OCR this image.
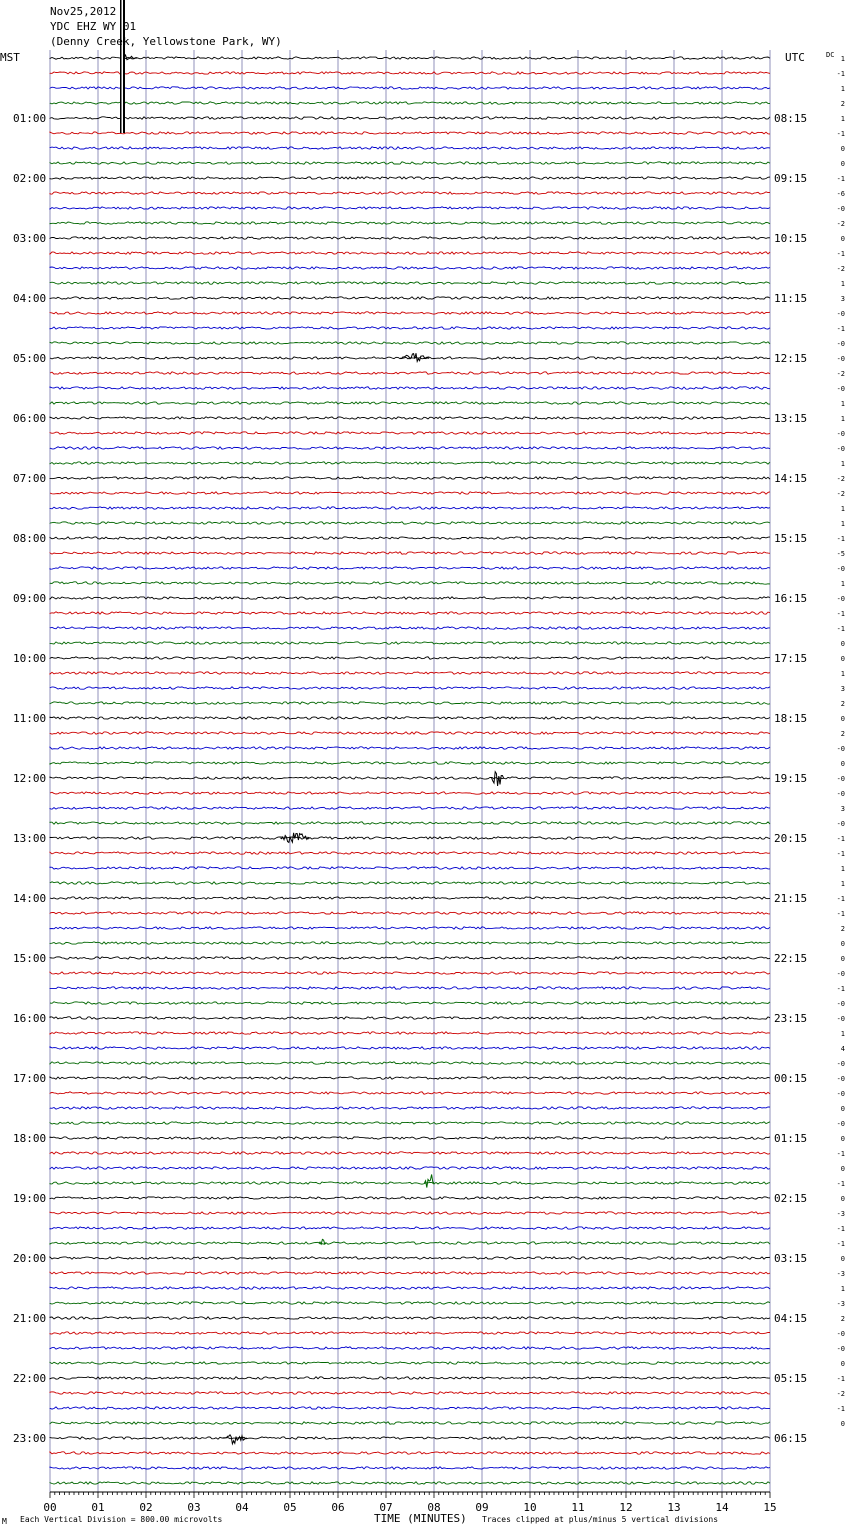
Nov25,2012
YDC EHZ WY 01
(Denny Creek, Yellowstone Park, WY)
MST	UTC	DC
01:00
02:00
03:00
04:00
05:00
06:00
07:00
08:00
09:00
10:00
11:00
12:00
13:00
14:00
15:00
16:00
17:00
18:00
19:00
20:00
21:00
22:00
23:00
08:15
09:15
10:15
11:15
12:15
13:15
14:15
15:15
16:15
17:15
18:15
19:15
20:15
21:15
22:15
23:15
00:15
01:15
02:15
03:15
04:15
05:15
06:15
1
-1
1
2
1
-1
0
0
-1
-6
-0
-2
0
-1
-2
1
3
-0
-1
-0
-0
-2
-0
1
1
-0
-0
1
-2
-2
1
1
-1
-5
-0
1
-0
-1
-1
0
0
1
3
2
0
2
-0
0
-0
-0
3
-0
-1
-1
1
1
-1
-1
2
0
0
-0
-1
-0
-0
1
4
-0
-0
-0
0
-0
0
-1
0
-1
0
-3
-1
-1
0
-3
1
-3
2
-0
-0
0
-1
-2
-1
0
00	01	02	03	04	05	06	07	08	09	10	11	12	13	14	15
M Each Vertical Division = 800.00 microvolts	TIME (MINUTES) Traces clipped at plus/minus 5 vertical divisions
